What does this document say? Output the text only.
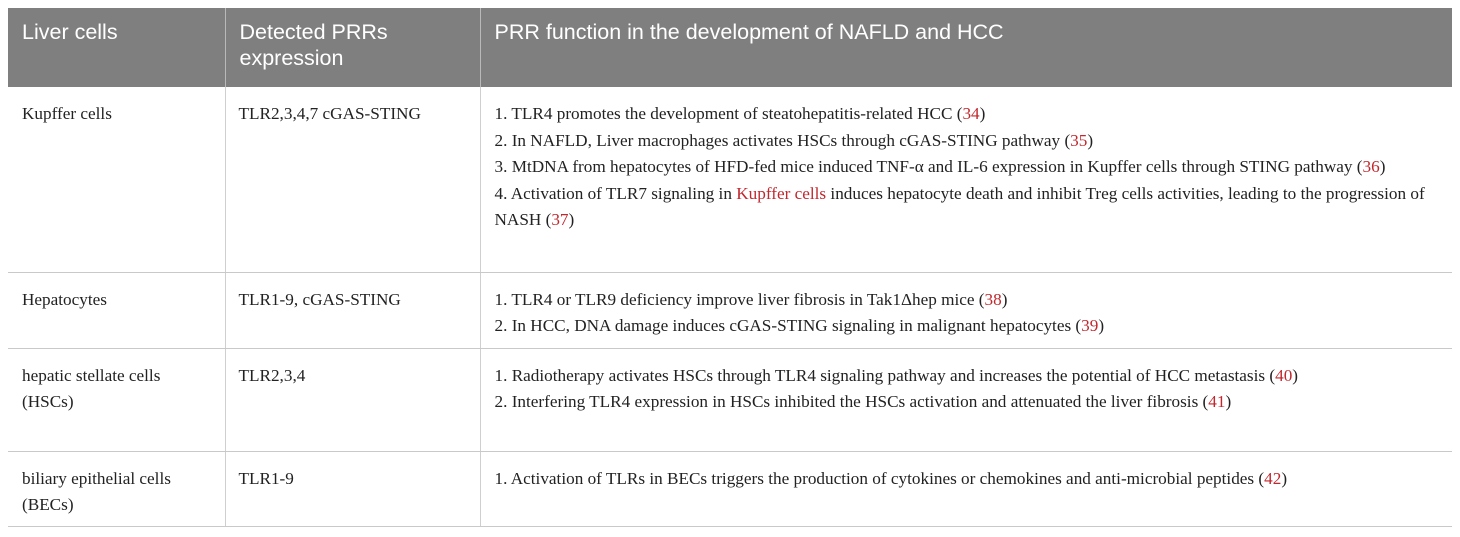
Liver cells	Detected PRRs expression	PRR function in the development of NAFLD and HCC
Kupffer cells	TLR2,3,4,7 cGAS-STING	1. TLR4 promotes the development of steatohepatitis-related HCC (34)
2. In NAFLD, Liver macrophages activates HSCs through cGAS-STING pathway (35)
3. MtDNA from hepatocytes of HFD-fed mice induced TNF-α and IL-6 expression in Kupffer cells through STING pathway (36)
4. Activation of TLR7 signaling in Kupffer cells induces hepatocyte death and inhibit Treg cells activities, leading to the progression of NASH (37)

Hepatocytes	TLR1-9, cGAS-STING	1. TLR4 or TLR9 deficiency improve liver fibrosis in Tak1Δhep mice (38)
2. In HCC, DNA damage induces cGAS-STING signaling in malignant hepatocytes (39)

hepatic stellate cells (HSCs)	TLR2,3,4	1. Radiotherapy activates HSCs through TLR4 signaling pathway and increases the potential of HCC metastasis (40)
2. Interfering TLR4 expression in HSCs inhibited the HSCs activation and attenuated the liver fibrosis (41)

biliary epithelial cells (BECs)	TLR1-9	1. Activation of TLRs in BECs triggers the production of cytokines or chemokines and anti-microbial peptides (42)
